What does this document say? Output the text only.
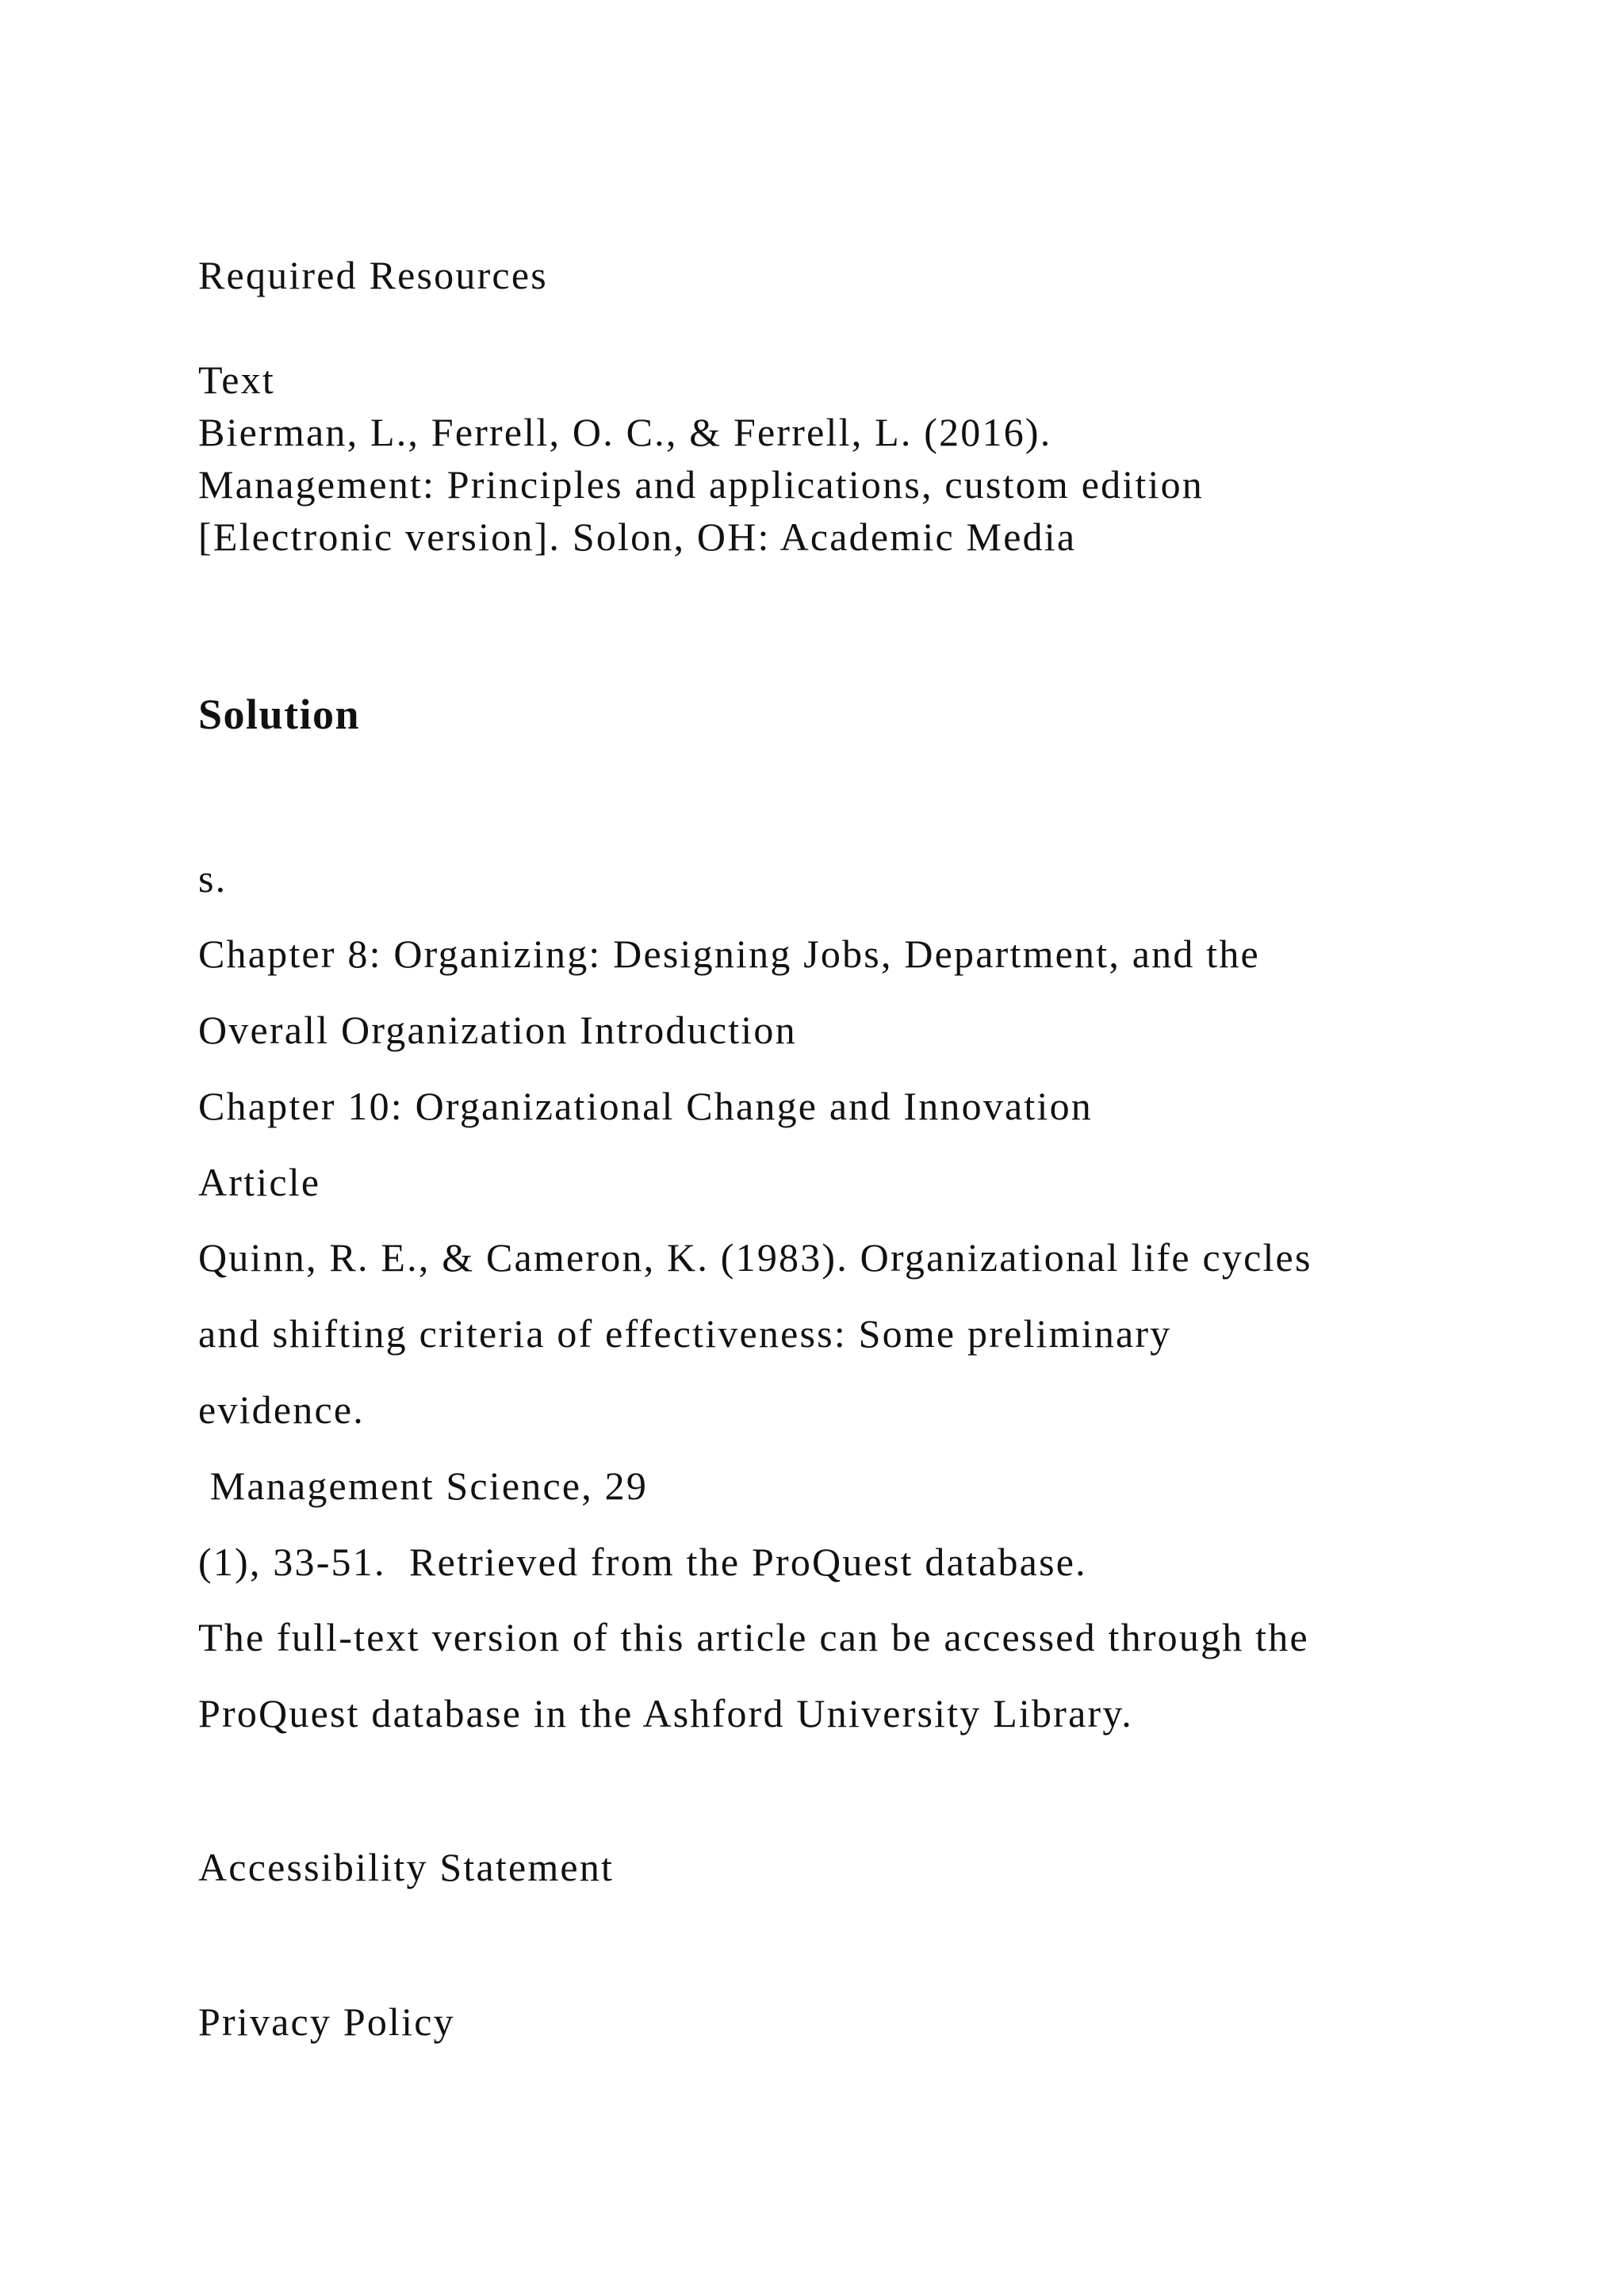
Required Resources
Text
Bierman, L., Ferrell, O. C., & Ferrell, L. (2016).
Management: Principles and applications, custom edition
[Electronic version]. Solon, OH: Academic Media
Solution
s.
Chapter 8: Organizing: Designing Jobs, Department, and the
Overall Organization Introduction
Chapter 10: Organizational Change and Innovation
Article
Quinn, R. E., & Cameron, K. (1983). Organizational life cycles
and shifting criteria of effectiveness: Some preliminary
evidence.
Management Science, 29
(1), 33-51.  Retrieved from the ProQuest database.
The full-text version of this article can be accessed through the
ProQuest database in the Ashford University Library.
Accessibility Statement
Privacy Policy
